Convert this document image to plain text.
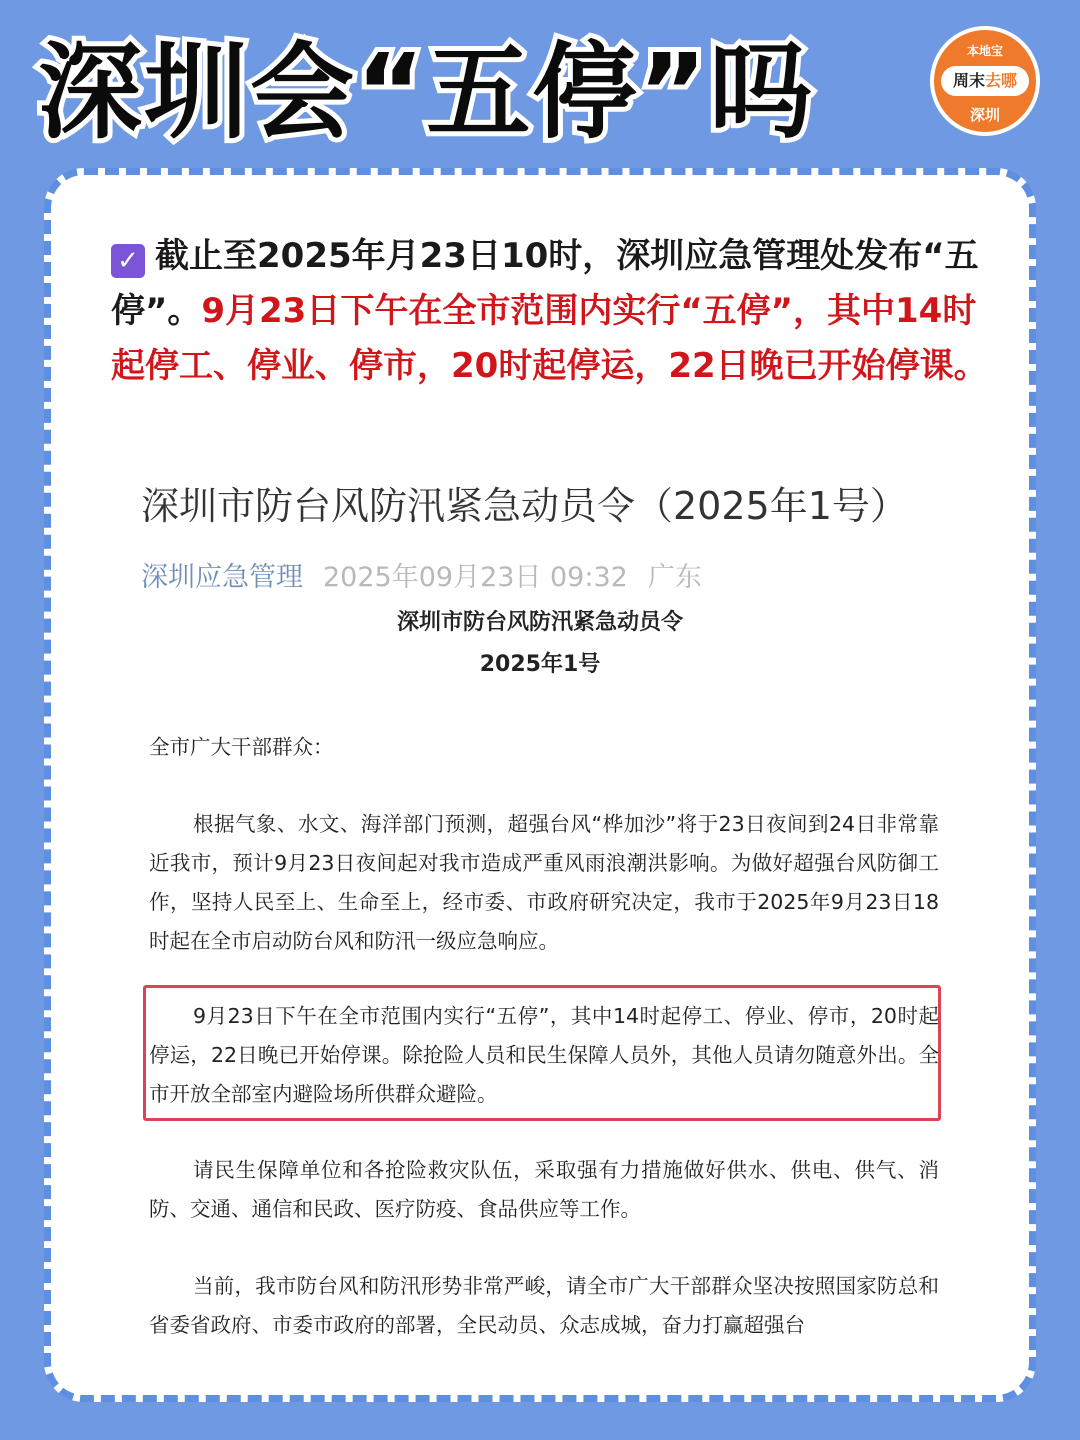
深圳会“五停”吗	本地宝
周末去哪
深圳
✓ 截止至2025年月23日10时，深圳应急管理处发布“五停”。9月23日下午在全市范围内实行“五停”，其中14时起停工、停业、停市，20时起停运，22日晚已开始停课。
深圳市防台风防汛紧急动员令（2025年1号）
深圳应急管理 2025年09月23日 09:32 广东
深圳市防台风防汛紧急动员令
2025年1号
全市广大干部群众：
根据气象、水文、海洋部门预测，超强台风“桦加沙”将于23日夜间到24日非常靠近我市，预计9月23日夜间起对我市造成严重风雨浪潮洪影响。为做好超强台风防御工作，坚持人民至上、生命至上，经市委、市政府研究决定，我市于2025年9月23日18时起在全市启动防台风和防汛一级应急响应。
9月23日下午在全市范围内实行“五停”，其中14时起停工、停业、停市，20时起停运，22日晚已开始停课。除抢险人员和民生保障人员外，其他人员请勿随意外出。全市开放全部室内避险场所供群众避险。
请民生保障单位和各抢险救灾队伍，采取强有力措施做好供水、供电、供气、消防、交通、通信和民政、医疗防疫、食品供应等工作。
当前，我市防台风和防汛形势非常严峻，请全市广大干部群众坚决按照国家防总和省委省政府、市委市政府的部署，全民动员、众志成城，奋力打赢超强台
